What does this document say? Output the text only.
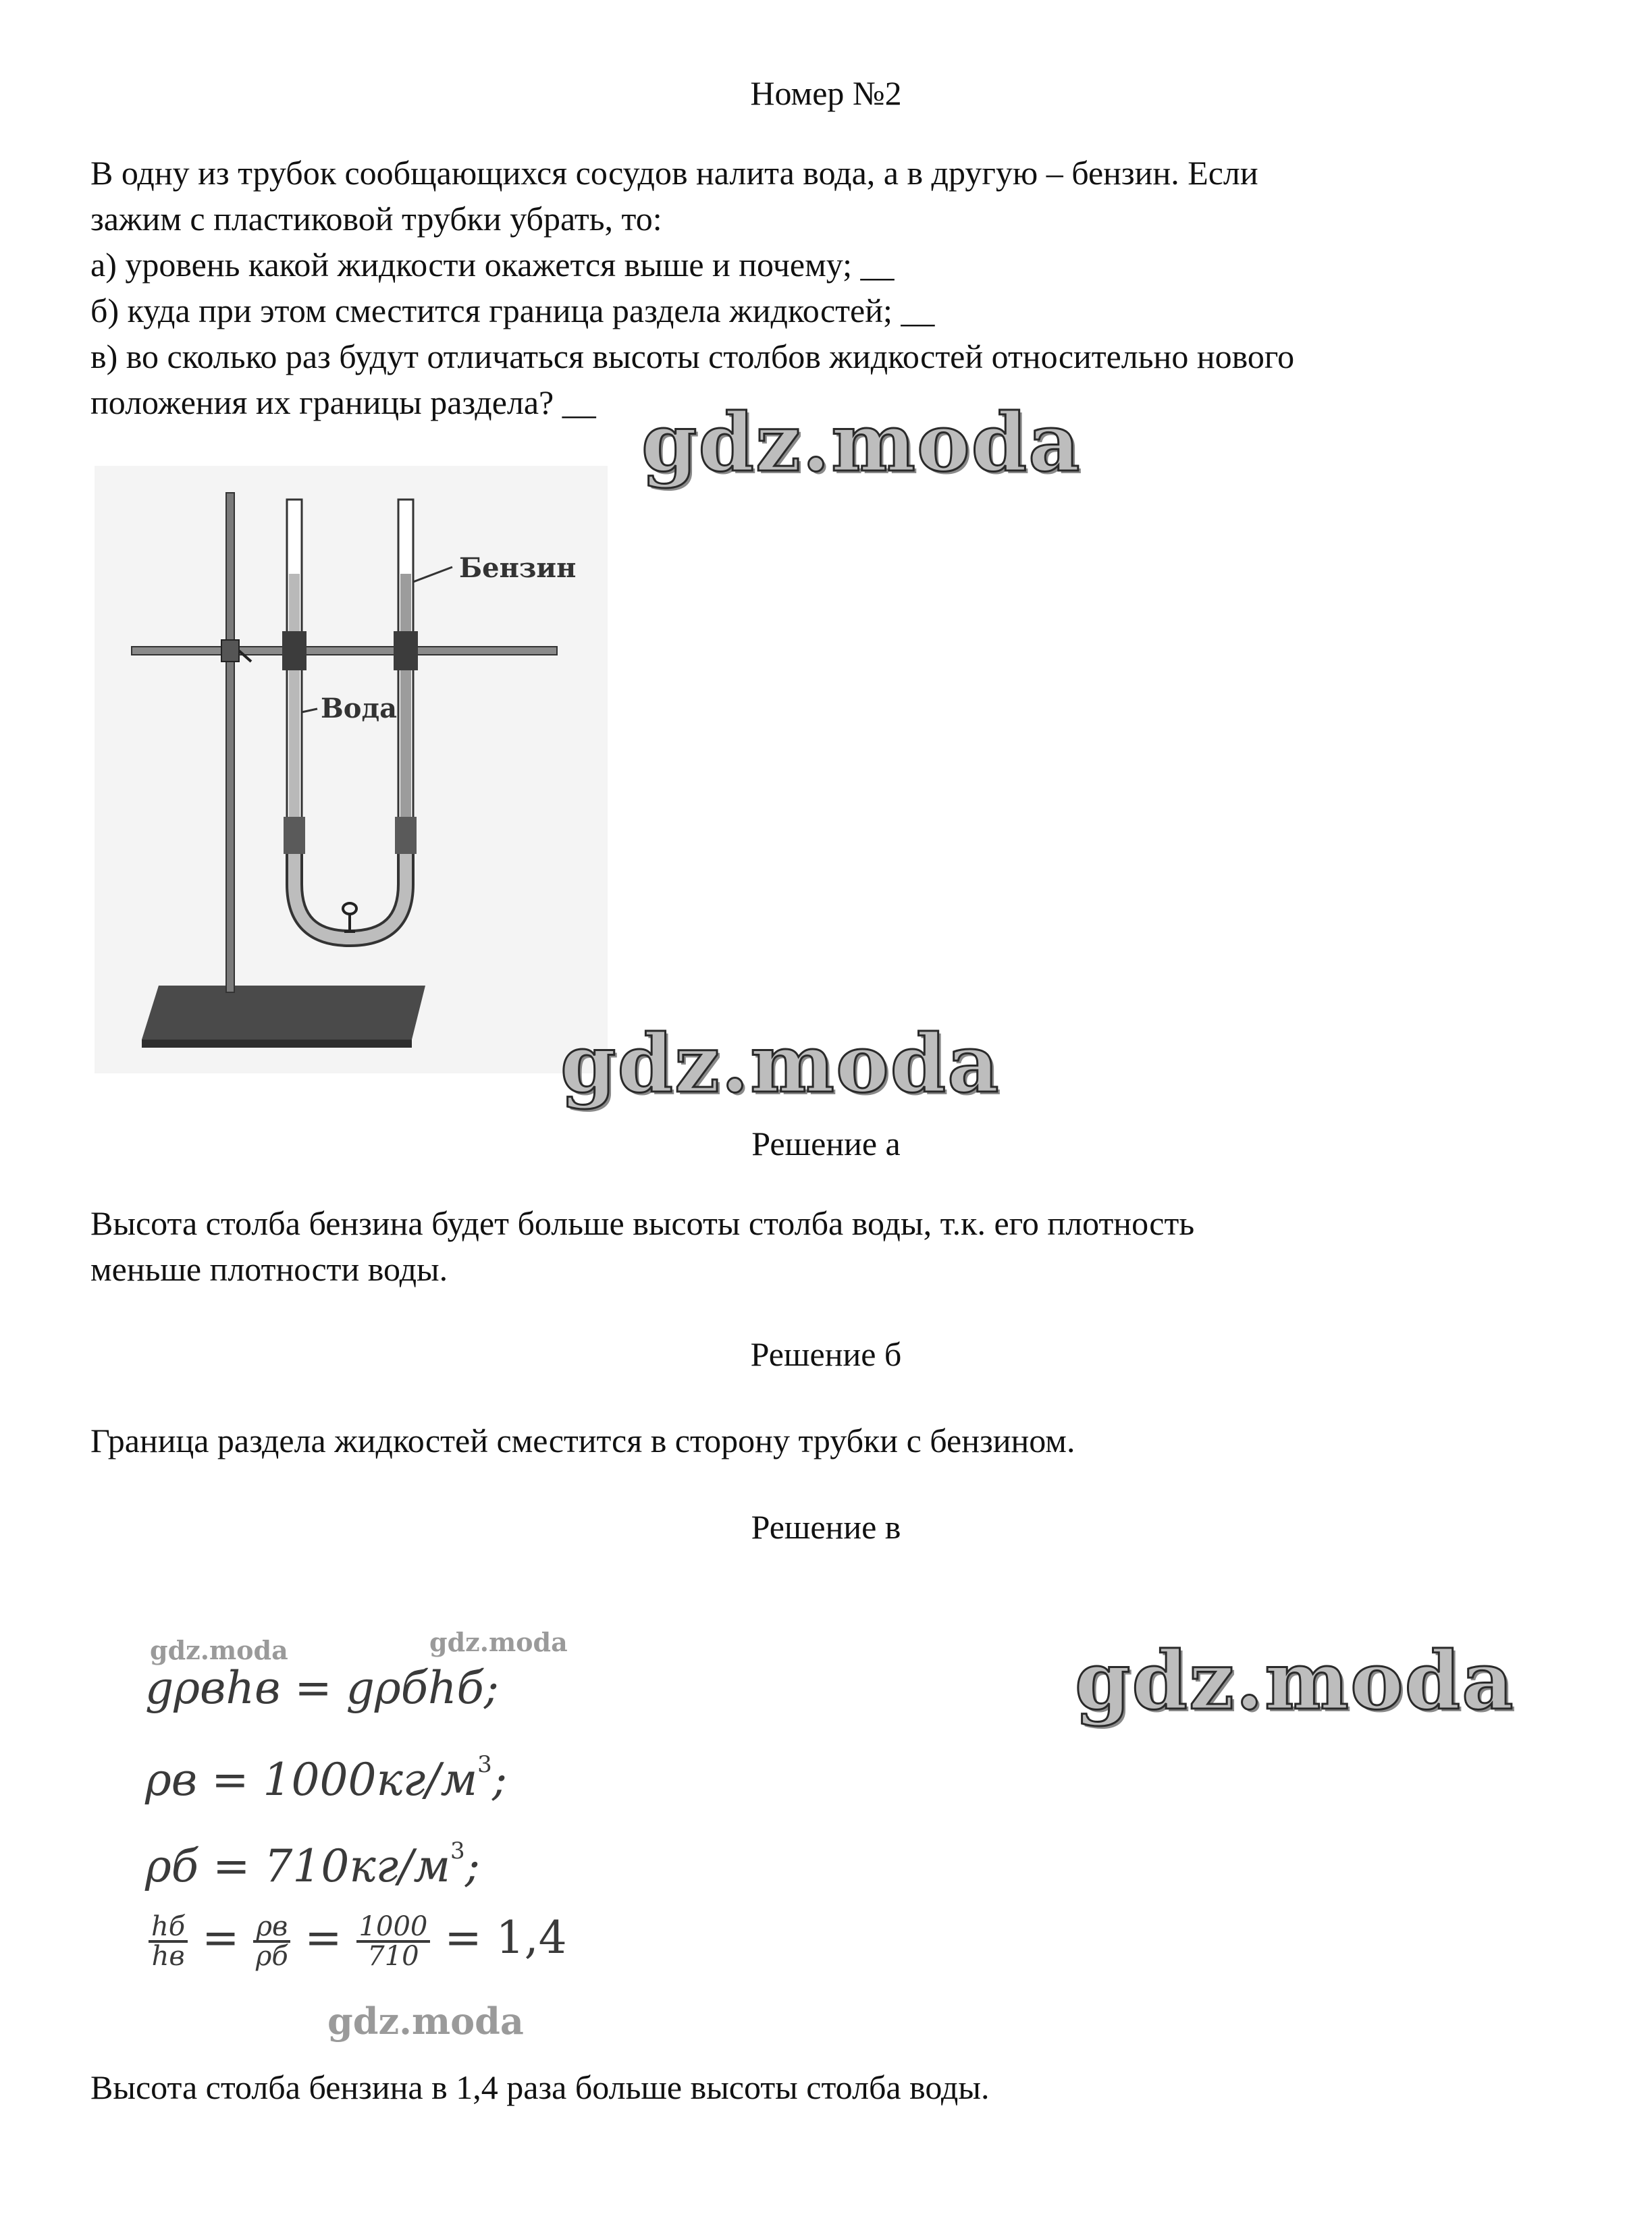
Номер №2
В одну из трубок сообщающихся сосудов налита вода, а в другую – бензин. Если
зажим с пластиковой трубки убрать, то:
а) уровень какой жидкости окажется выше и почему; __
б) куда при этом сместится граница раздела жидкостей; __
в) во сколько раз будут отличаться высоты столбов жидкостей относительно нового
положения их границы раздела? __ gdz.moda
Бензин
Вода
gdz.moda
Решение а
Высота столба бензина будет больше высоты столба воды, т.к. его плотность
меньше плотности воды.
Решение б
Граница раздела жидкостей сместится в сторону трубки с бензином.
Решение в
gdz.moda	gdz.moda
gρвhв = gρбhб;
$\rho в = 1000кг/м^3$;
$\rho б = 710кг/м^3$;
$\frac{hб}{hв} = \frac{\rho в}{\rho б} = \frac{1000}{710} = 1,4$
gdz.moda
gdz.moda
Высота столба бензина в 1,4 раза больше высоты столба воды.
